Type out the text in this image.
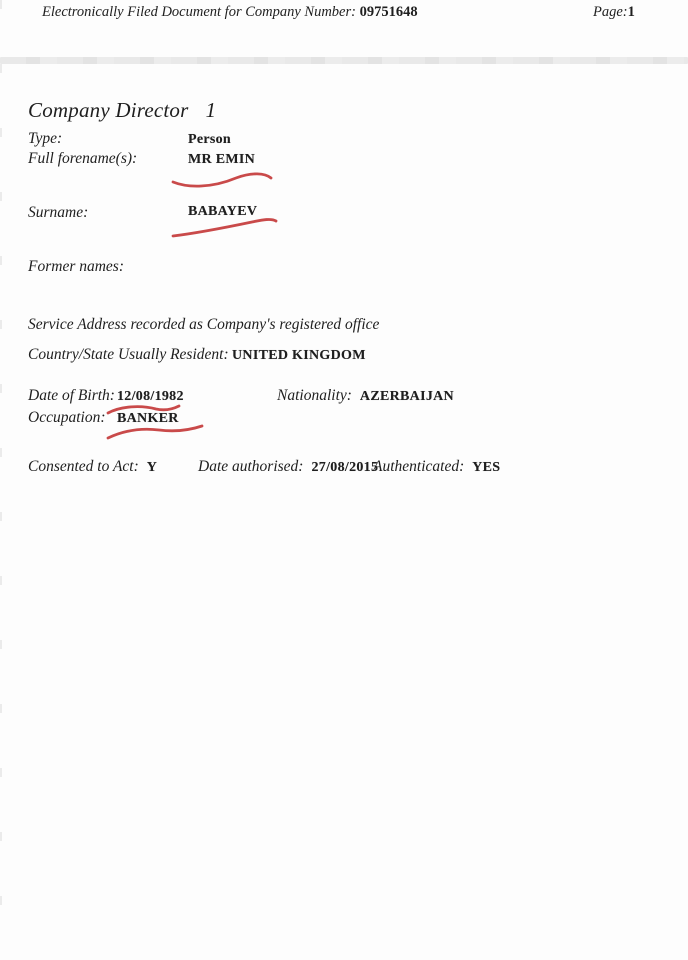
Electronically Filed Document for Company Number: 09751648	Page:1
Company Director 1
Type:	Person
Full forename(s):	MR EMIN
Surname:	BABAYEV
Former names:
Service Address recorded as Company's registered office
Country/State Usually Resident: UNITED KINGDOM
Date of Birth: 12/08/1982	Nationality: AZERBAIJAN
Occupation: BANKER
Consented to Act: Y	Date authorised: 27/08/2015
Authenticated: YES
